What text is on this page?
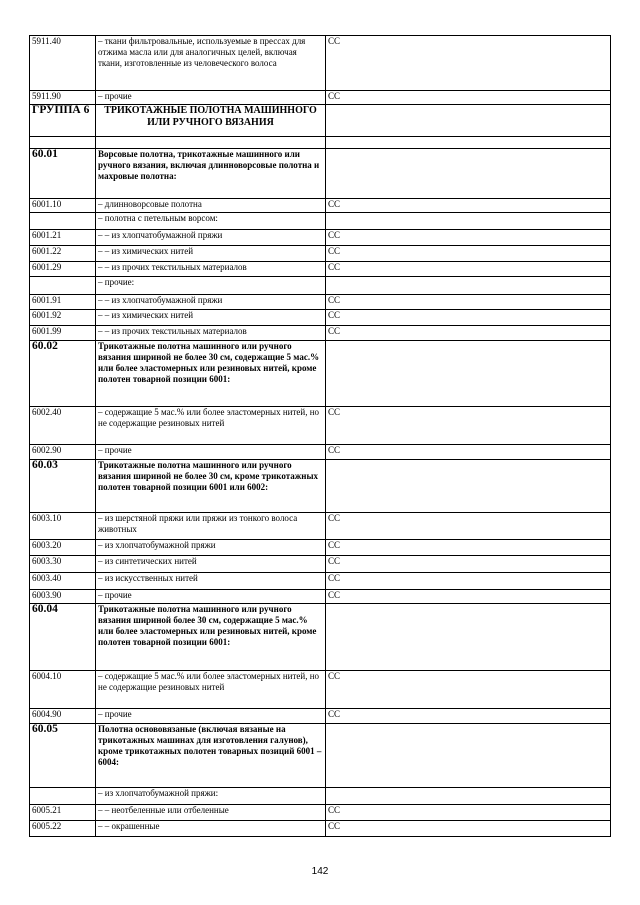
5911.40	– ткани фильтровальные, используемые в прессах для отжима масла или для аналогичных целей, включая ткани, изготовленные из человеческого волоса	СС
5911.90	– прочие	СС
ГРУППА 6	ТРИКОТАЖНЫЕ ПОЛОТНА МАШИННОГО ИЛИ РУЧНОГО ВЯЗАНИЯ	

60.01	Ворсовые полотна, трикотажные машинного или ручного вязания, включая длинноворсовые полотна и махровые полотна:	
6001.10	– длинноворсовые полотна	СС
	– полотна с петельным ворсом:	
6001.21	– – из хлопчатобумажной пряжи	СС
6001.22	– – из химических нитей	СС
6001.29	– – из прочих текстильных материалов	СС
	– прочие:	
6001.91	– – из хлопчатобумажной пряжи	СС
6001.92	– – из химических нитей	СС
6001.99	– – из прочих текстильных материалов	СС
60.02	Трикотажные полотна машинного или ручного вязания шириной не более 30 см, содержащие 5 мас.% или более эластомерных или резиновых нитей, кроме полотен товарной позиции 6001:	
6002.40	– содержащие 5 мас.% или более эластомерных нитей, но не содержащие резиновых нитей	СС
6002.90	– прочие	СС
60.03	Трикотажные полотна машинного или ручного вязания шириной не более 30 см, кроме трикотажных полотен товарной позиции 6001 или 6002:	
6003.10	– из шерстяной пряжи или пряжи из тонкого волоса животных	СС
6003.20	– из хлопчатобумажной пряжи	СС
6003.30	– из синтетических нитей	СС
6003.40	– из искусственных нитей	СС
6003.90	– прочие	СС
60.04	Трикотажные полотна машинного или ручного вязания шириной более 30 см, содержащие 5 мас.% или более эластомерных или резиновых нитей, кроме полотен товарной позиции 6001:	
6004.10	– содержащие 5 мас.% или более эластомерных нитей, но не содержащие резиновых нитей	СС
6004.90	– прочие	СС
60.05	Полотна основовязаные (включая вязаные на трикотажных машинах для изготовления галунов), кроме трикотажных полотен товарных позиций 6001 – 6004:	
	– из хлопчатобумажной пряжи:	
6005.21	– – неотбеленные или отбеленные	СС
6005.22	– – окрашенные	СС
142
